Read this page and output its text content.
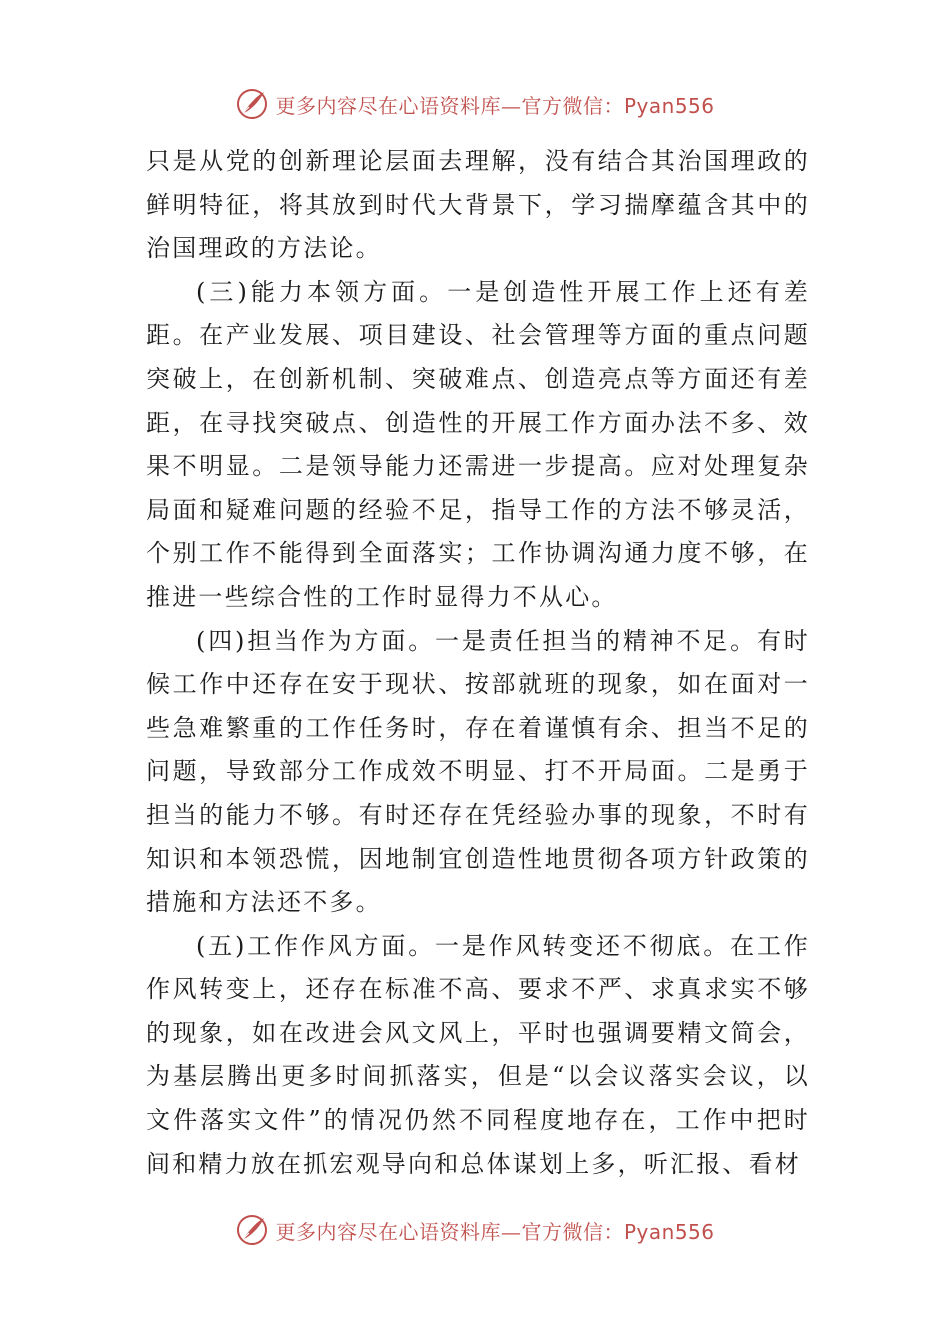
更多内容尽在心语资料库—官方微信：Pyan556

只是从党的创新理论层面去理解，没有结合其治国理政的鲜明特征，将其放到时代大背景下，学习揣摩蕴含其中的治国理政的方法论。

(三)能力本领方面。一是创造性开展工作上还有差距。在产业发展、项目建设、社会管理等方面的重点问题突破上，在创新机制、突破难点、创造亮点等方面还有差距，在寻找突破点、创造性的开展工作方面办法不多、效果不明显。二是领导能力还需进一步提高。应对处理复杂局面和疑难问题的经验不足，指导工作的方法不够灵活，个别工作不能得到全面落实；工作协调沟通力度不够，在推进一些综合性的工作时显得力不从心。

(四)担当作为方面。一是责任担当的精神不足。有时候工作中还存在安于现状、按部就班的现象，如在面对一些急难繁重的工作任务时，存在着谨慎有余、担当不足的问题，导致部分工作成效不明显、打不开局面。二是勇于担当的能力不够。有时还存在凭经验办事的现象，不时有知识和本领恐慌，因地制宜创造性地贯彻各项方针政策的措施和方法还不多。

(五)工作作风方面。一是作风转变还不彻底。在工作作风转变上，还存在标准不高、要求不严、求真求实不够的现象，如在改进会风文风上，平时也强调要精文简会，为基层腾出更多时间抓落实，但是“以会议落实会议，以文件落实文件”的情况仍然不同程度地存在，工作中把时间和精力放在抓宏观导向和总体谋划上多，听汇报、看材

更多内容尽在心语资料库—官方微信：Pyan556
